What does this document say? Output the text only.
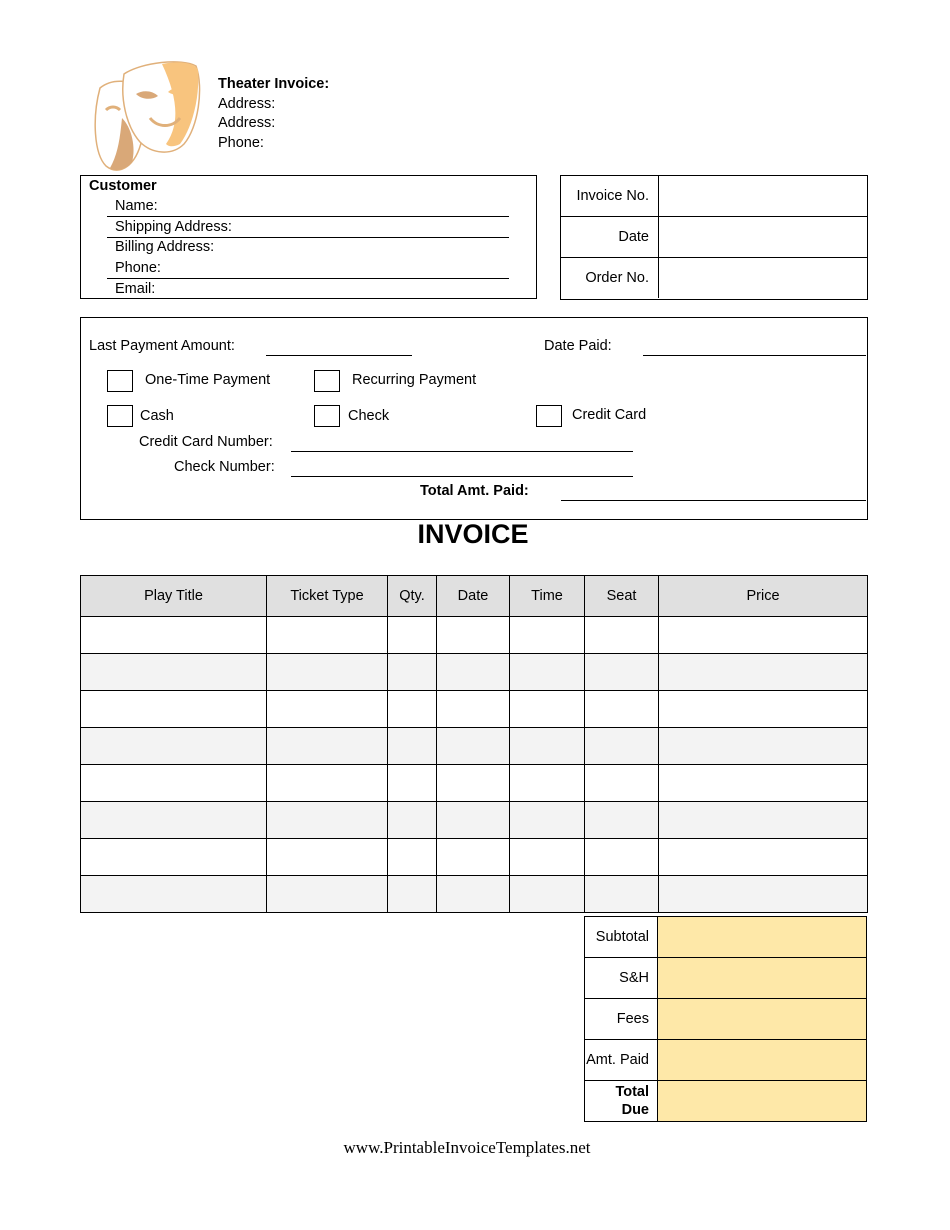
Theater Invoice:
Address:
Address:
Phone:
Customer
Name:
Shipping Address:
Billing Address:
Phone:
Email:
Invoice No.
Date
Order No.
Last Payment Amount:	Date Paid:
One-Time Payment	Recurring Payment
Cash	Check	Credit Card
Credit Card Number:
Check Number:
Total Amt. Paid:
INVOICE
Play Title	Ticket Type	Qty.	Date	Time	Seat	Price

Subtotal	
S&H	
Fees	
Amt. Paid	
Total Due	
www.PrintableInvoiceTemplates.net
